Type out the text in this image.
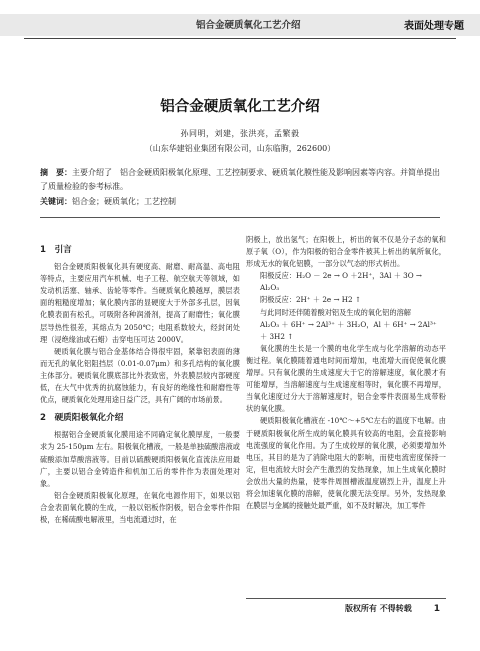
铝合金硬质氧化工艺介绍	表面处理专题
铝合金硬质氧化工艺介绍
孙同明，刘建，张洪亮，孟繁毅
（山东华建铝业集团有限公司，山东临朐，262600）
摘　要：主要介绍了　铝合金硬质阳极氧化原理、工艺控制要求、硬质氧化膜性能及影响因素等内容。并简单提出了质量检验的参考标准。
关键词：铝合金；硬质氧化；工艺控制
1　引言

铝合金硬质阳极氧化具有硬度高、耐磨、耐高温、高电阻等特点，主要应用汽车机械、电子工程、航空航天等领域，如发动机活塞、轴承、齿轮等零件。当硬质氧化膜越厚，膜层表面的粗糙度增加；氧化膜内部的显硬度大于外部多孔层，因氧化膜表面有松孔，可吸附各种润滑剂，提高了耐磨性；氧化膜层导热性很差，其熔点为 2050℃；电阻系数较大，经封闭处理（浸绝缘油或石蜡）击穿电压可达 2000V。

硬质氧化膜与铝合金基体结合得很牢固，紧靠铝表面的薄而无孔的氧化铝阻挡层（0.01-0.07μm）和多孔结构的氧化膜主体部分。硬质氧化膜底部比外表致密，外表膜层较内部硬度低，在大气中优秀的抗腐蚀能力，有良好的绝缘性和耐磨性等优点，硬质氧化处理用途日益广泛，具有广阔的市场前景。

2　硬质阳极氧化介绍

根据铝合金硬质氧化膜用途不同确定氧化膜厚度，一般要求为 25-150μm 左右。阳极氧化槽液，一般是单独硫酸溶液或硫酸添加草酸溶液等。目前以硫酸硬质阳极氧化直流法应用最广，主要以铝合金铸造件和机加工后的零件作为表面处理对象。

铝合金硬质阳极氧化原理，在氧化电源作用下，如果以铝合金表面氧化膜的生成，一般以铝板作阴极，铝合金零件作阳极，在稀硫酸电解液里，当电流通过时，在

阴极上，放出氢气；在阳极上，析出的氧不仅是分子态的氧和原子氧（O），作为阳极的铝合金零件被其上析出的氧所氧化，形成无水的氧化铝膜，一部分以气态的形式析出。

阳极反应：H₂O － 2e → O ＋2H⁺，3Al ＋ 3O →

Al₂O₃

阴极反应：2H⁺ ＋ 2e → H2 ↑

与此同时还伴随着酸对铝及生成的氧化铝的溶解

Al₂O₃ ＋ 6H⁺ → 2Al³⁺ ＋ 3H₂O，Al ＋ 6H⁺ → 2Al³⁺

＋ 3H2 ↑

氧化膜的生长是一个膜的电化学生成与化学溶解的动态平衡过程。氧化膜随着通电时间而增加，电流增大而促使氧化膜增厚。只有氧化膜的生成速度大于它的溶解速度，氧化膜才有可能增厚，当溶解速度与生成速度相等时，氧化膜不再增厚，当氧化速度过分大于溶解速度时，铝合金零件表面易生成带粉状的氧化膜。

硬质阳极氧化槽液在 -10℃～+5℃左右的温度下电解。由于硬质阳极氧化所生成的氧化膜具有较高的电阻，会直接影响电流强度的氧化作用。为了生成较厚的氧化膜，必须要增加外电压，其目的是为了消除电阻大的影响，而使电流密度保持一定，但电流较大时会产生激烈的发热现象，加上生成氧化膜时会放出大量的热量，使零件周围槽液温度剧烈上升，温度上升将会加速氧化膜的溶解，使氧化膜无法变厚。另外，发热现象在膜层与金属的接触处最严重，如不及时解决，加工零件

版权所有 不得转载 1
